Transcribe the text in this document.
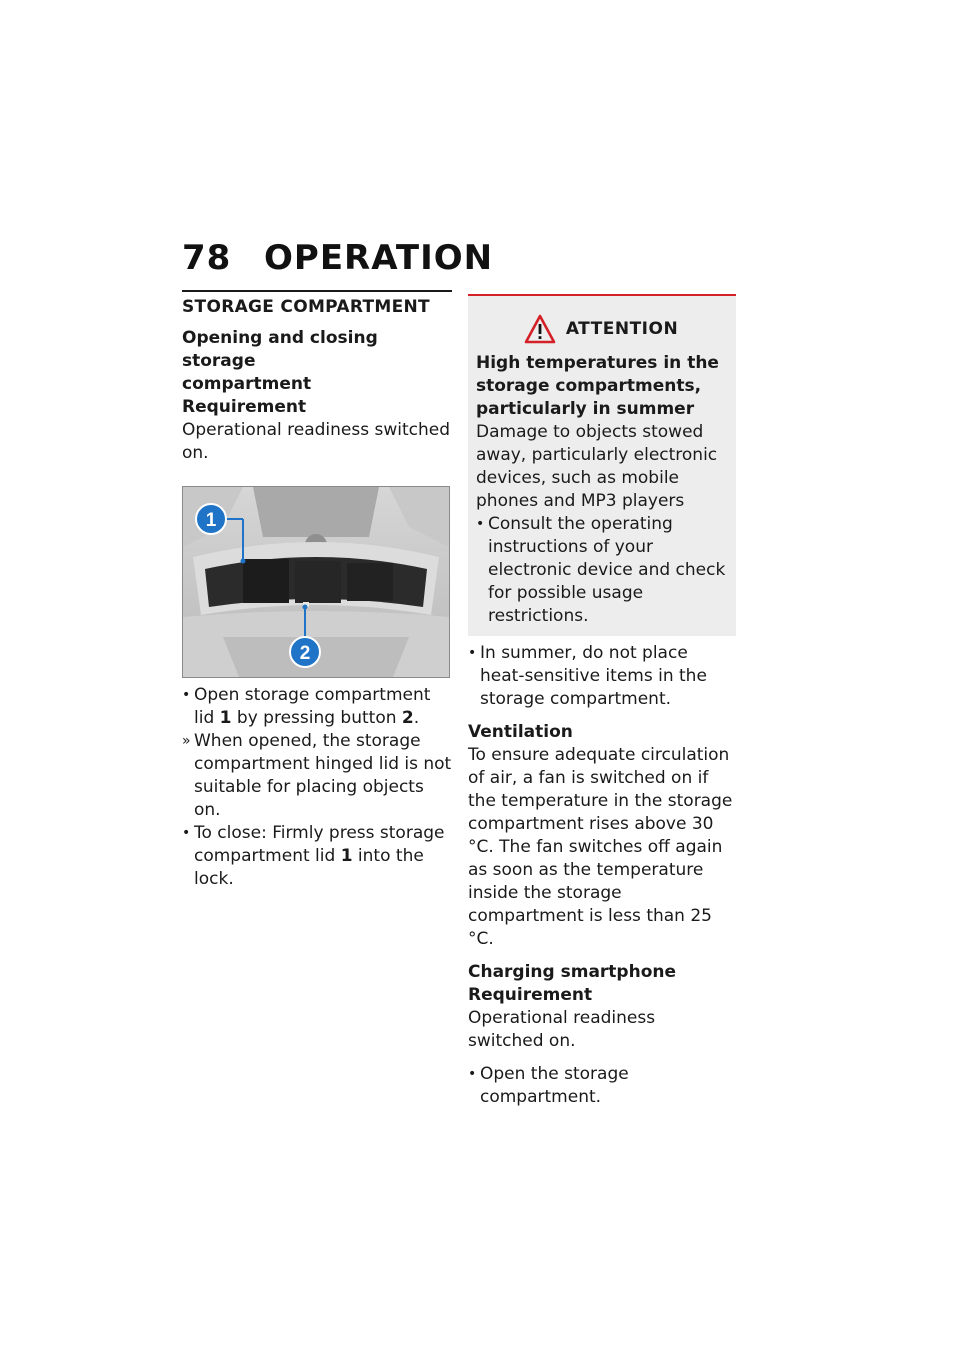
78 OPERATION
STORAGE COMPARTMENT
Opening and closing storage
compartment
Requirement

Operational readiness switched on.

1
2
• Open storage compartment lid 1 by pressing button 2.
» When opened, the storage compartment hinged lid is not suitable for placing objects on.
• To close: Firmly press storage compartment lid 1 into the lock.
ATTENTION
High temperatures in the storage compartments, particularly in summer

Damage to objects stowed away, particularly electronic devices, such as mobile phones and MP3 players

• Consult the operating instructions of your electronic device and check for possible usage restrictions.
• In summer, do not place heat-sensitive items in the storage compartment.
Ventilation

To ensure adequate circulation of air, a fan is switched on if the temperature in the storage compartment rises above 30 °C. The fan switches off again as soon as the temperature inside the storage compartment is less than 25 °C.

Charging smartphone
Requirement

Operational readiness switched on.

• Open the storage compartment.
